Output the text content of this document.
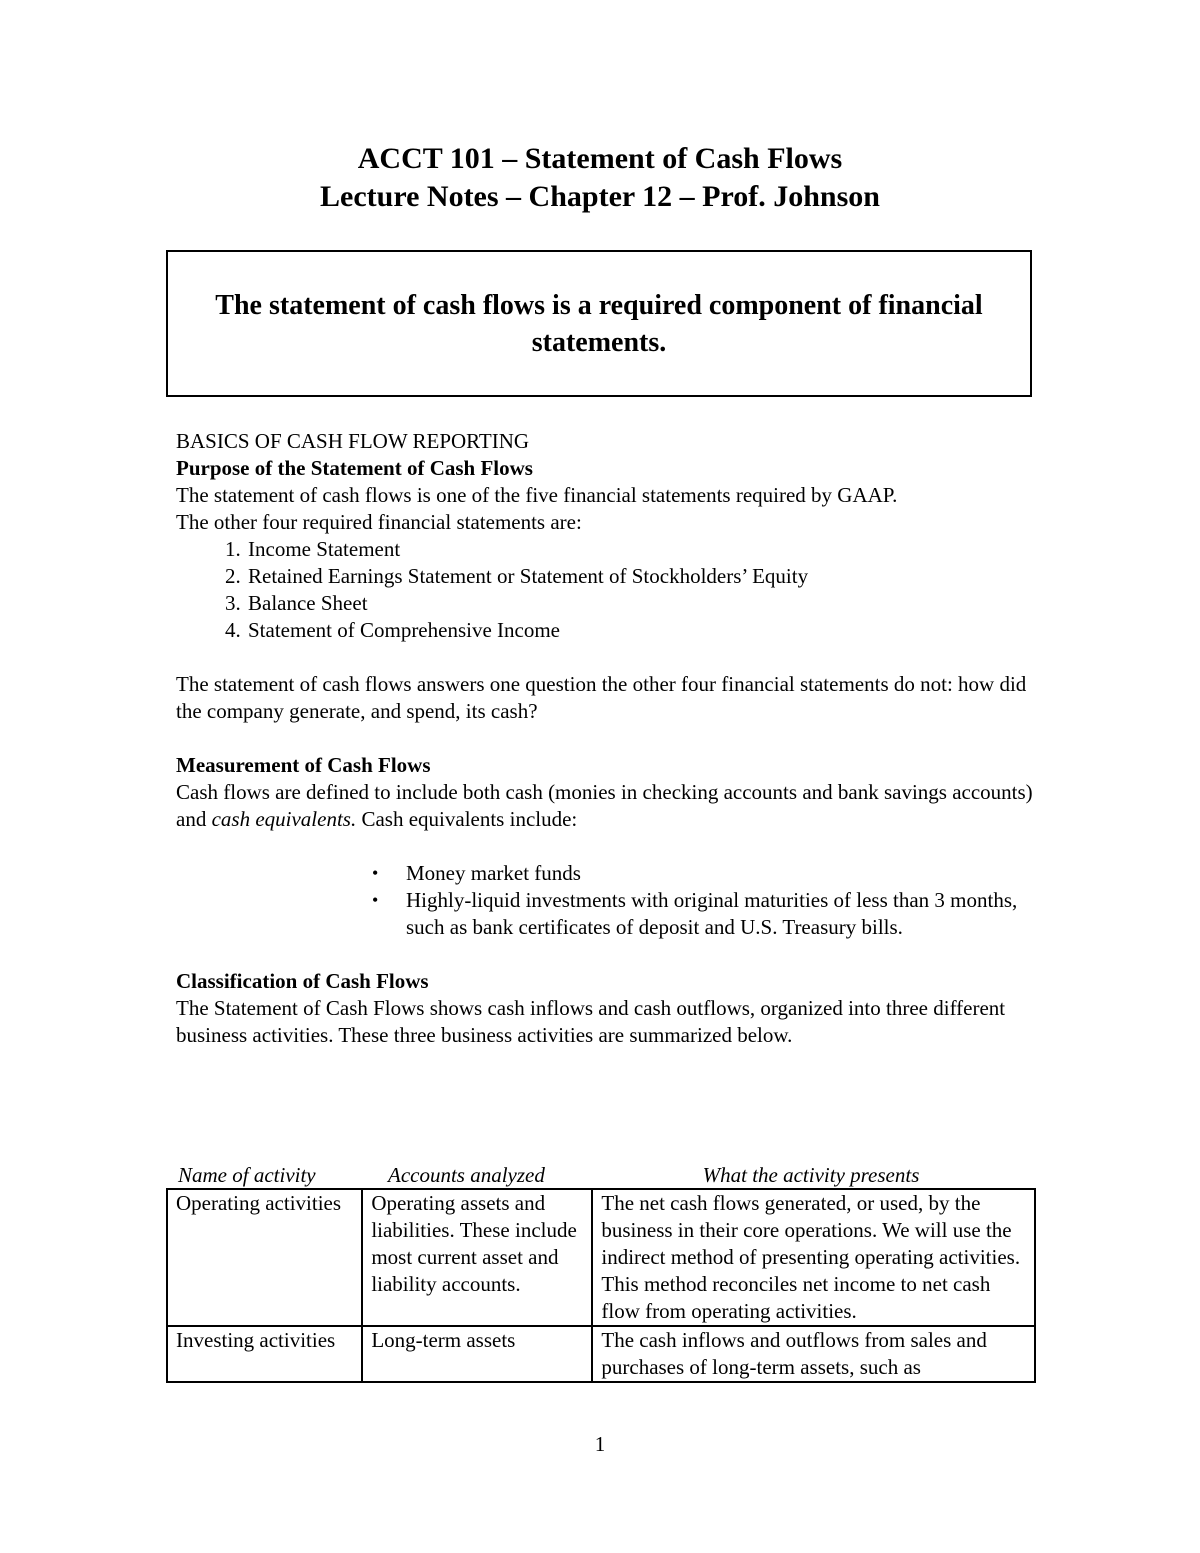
ACCT 101 – Statement of Cash Flows
Lecture Notes – Chapter 12 – Prof. Johnson
The statement of cash flows is a required component of financial statements.

BASICS OF CASH FLOW REPORTING

Purpose of the Statement of Cash Flows

The statement of cash flows is one of the five financial statements required by GAAP.

The other four required financial statements are:

1. Income Statement
2. Retained Earnings Statement or Statement of Stockholders’ Equity
3. Balance Sheet
4. Statement of Comprehensive Income

The statement of cash flows answers one question the other four financial statements do not: how did the company generate, and spend, its cash?

Measurement of Cash Flows

Cash flows are defined to include both cash (monies in checking accounts and bank savings accounts) and cash equivalents. Cash equivalents include:

• Money market funds
• Highly-liquid investments with original maturities of less than 3 months, such as bank certificates of deposit and U.S. Treasury bills.

Classification of Cash Flows

The Statement of Cash Flows shows cash inflows and cash outflows, organized into three different business activities. These three business activities are summarized below.

Name of activity	Accounts analyzed	What the activity presents
Operating activities	Operating assets and liabilities. These include most current asset and liability accounts.	The net cash flows generated, or used, by the business in their core operations. We will use the indirect method of presenting operating activities. This method reconciles net income to net cash flow from operating activities.

Investing activities	Long-term assets	The cash inflows and outflows from sales and purchases of long-term assets, such as
1
